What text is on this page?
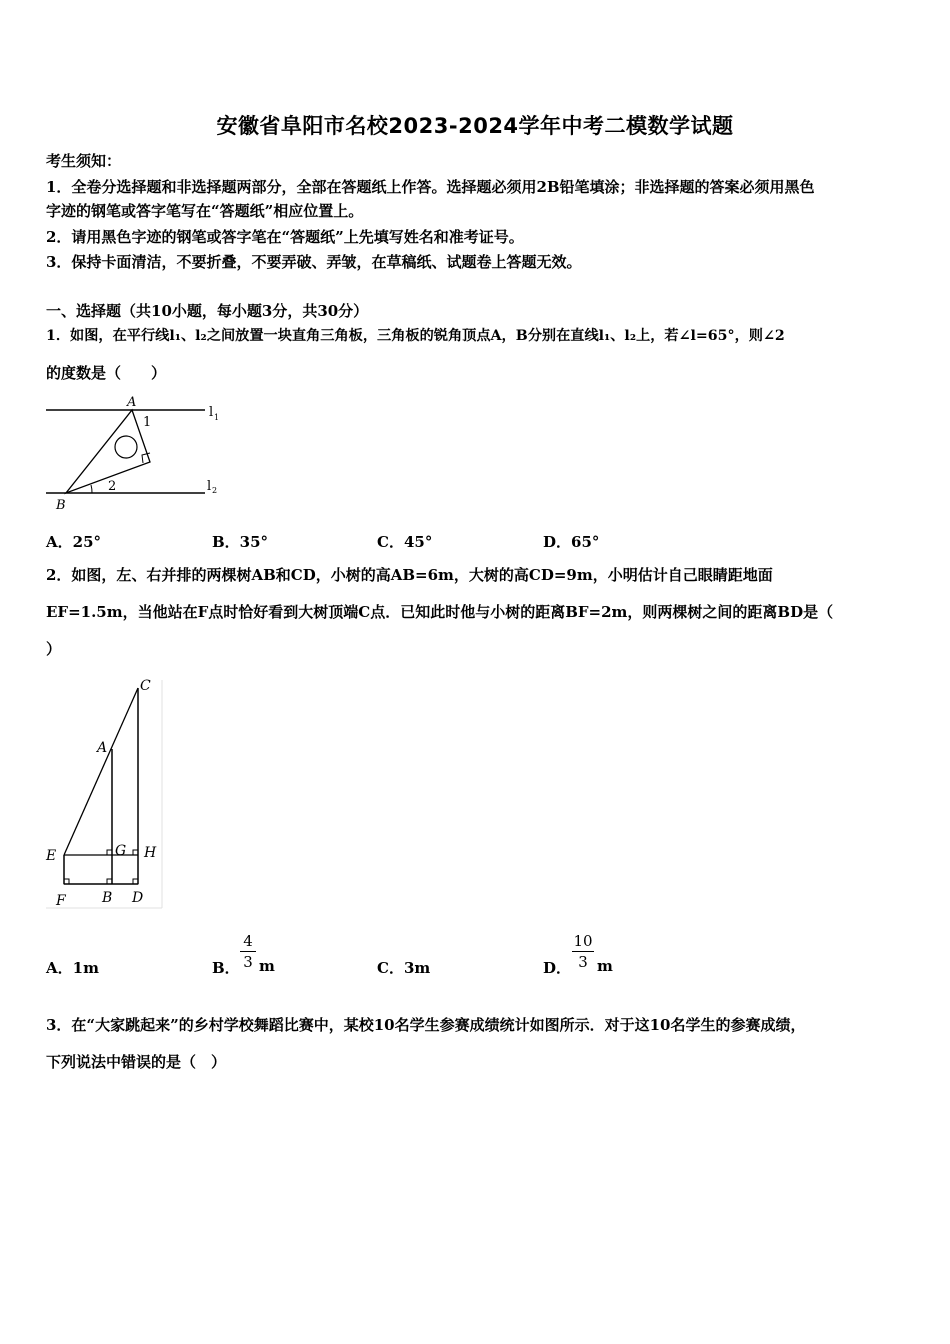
安徽省阜阳市名校2023-2024学年中考二模数学试题
考生须知：
1．全卷分选择题和非选择题两部分，全部在答题纸上作答。选择题必须用2B铅笔填涂；非选择题的答案必须用黑色
字迹的钢笔或答字笔写在“答题纸”相应位置上。
2．请用黑色字迹的钢笔或答字笔在“答题纸”上先填写姓名和准考证号。
3．保持卡面清洁，不要折叠，不要弄破、弄皱，在草稿纸、试题卷上答题无效。
一、选择题（共10小题，每小题3分，共30分）
1．如图，在平行线l₁、l₂之间放置一块直角三角板，三角板的锐角顶点A，B分别在直线l₁、l₂上，若∠l=65°，则∠2
的度数是（　　）
A
1
2
B
l 1
l 2
A．25°	B．35°	C．45°	D．65°
2．如图，左、右并排的两棵树AB和CD，小树的高AB=6m，大树的高CD=9m，小明估计自己眼睛距地面
EF=1.5m，当他站在F点时恰好看到大树顶端C点．已知此时他与小树的距离BF=2m，则两棵树之间的距离BD是（
）
C
A
E	G H
F	B D
A．1m	B．
4
3 m	C．3m	D．
10
3 m
3．在“大家跳起来”的乡村学校舞蹈比赛中，某校10名学生参赛成绩统计如图所示．对于这10名学生的参赛成绩，
下列说法中错误的是（　）
